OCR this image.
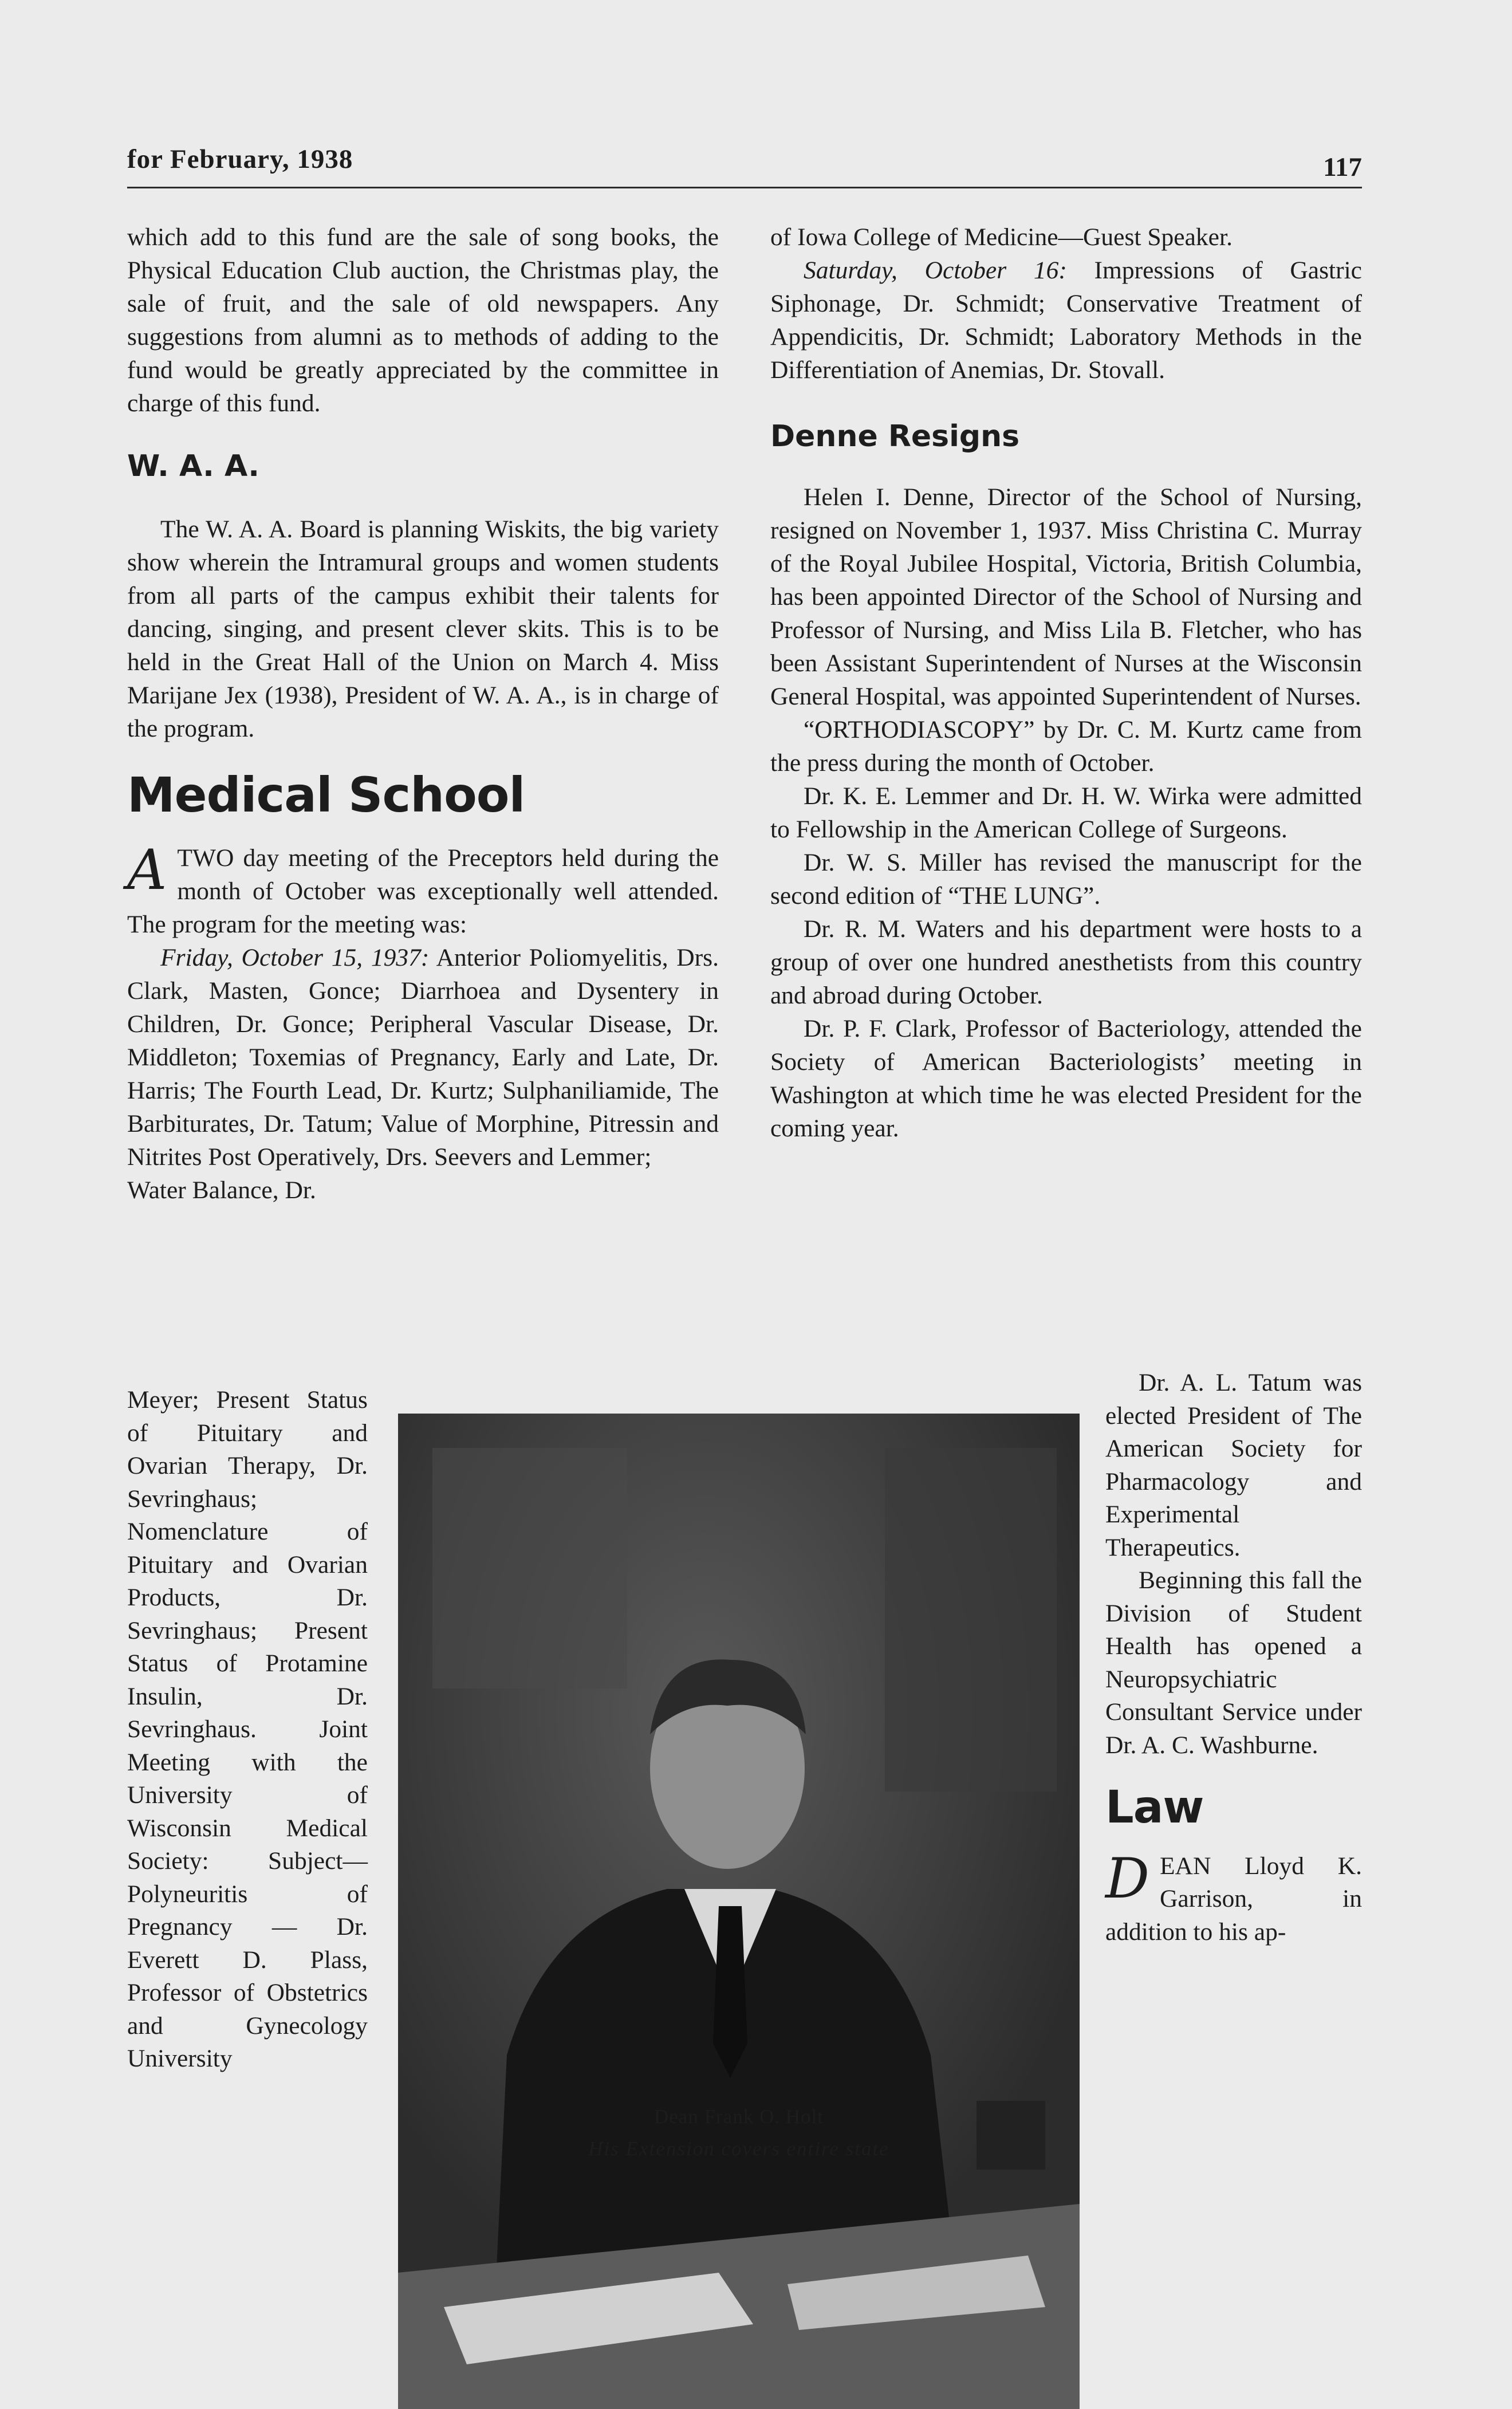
for February, 1938	117

which add to this fund are the sale of song books, the Physical Education Club auction, the Christmas play, the sale of fruit, and the sale of old newspapers. Any suggestions from alumni as to methods of adding to the fund would be greatly appreciated by the committee in charge of this fund.

W. A. A.

The W. A. A. Board is planning Wiskits, the big variety show wherein the Intramural groups and women students from all parts of the campus exhibit their talents for dancing, singing, and present clever skits. This is to be held in the Great Hall of the Union on March 4. Miss Marijane Jex (1938), President of W. A. A., is in charge of the program.

Medical School

ATWO day meeting of the Preceptors held during the month of October was exceptionally well attended. The program for the meeting was:

Friday, October 15, 1937: Anterior Poliomyelitis, Drs. Clark, Masten, Gonce; Diarrhoea and Dysentery in Children, Dr. Gonce; Peripheral Vascular Disease, Dr. Middleton; Toxemias of Pregnancy, Early and Late, Dr. Harris; The Fourth Lead, Dr. Kurtz; Sulphaniliamide, The Barbiturates, Dr. Tatum; Value of Morphine, Pitressin and Nitrites Post Operatively, Drs. Seevers and Lemmer;

Water Balance, Dr.

Meyer; Present Status of Pituitary and Ovarian Therapy, Dr. Sevringhaus; Nomenclature of Pituitary and Ovarian Products, Dr. Sevringhaus; Present Status of Protamine Insulin, Dr. Sevringhaus. Joint Meeting with the University of Wisconsin Medical Society: Subject—Polyneuritis of Pregnancy — Dr. Everett D. Plass, Professor of Obstetrics and Gynecology University

Dean Frank O. Holt
His Extension covers entire state

of Iowa College of Medicine—Guest Speaker.

Saturday, October 16: Impressions of Gastric Siphonage, Dr. Schmidt; Conservative Treatment of Appendicitis, Dr. Schmidt; Laboratory Methods in the Differentiation of Anemias, Dr. Stovall.

Denne Resigns

Helen I. Denne, Director of the School of Nursing, resigned on November 1, 1937. Miss Christina C. Murray of the Royal Jubilee Hospital, Victoria, British Columbia, has been appointed Director of the School of Nursing and Professor of Nursing, and Miss Lila B. Fletcher, who has been Assistant Superintendent of Nurses at the Wisconsin General Hospital, was appointed Superintendent of Nurses.

“ORTHODIASCOPY” by Dr. C. M. Kurtz came from the press during the month of October.

Dr. K. E. Lemmer and Dr. H. W. Wirka were admitted to Fellowship in the American College of Surgeons.

Dr. W. S. Miller has revised the manuscript for the second edition of “THE LUNG”.

Dr. R. M. Waters and his department were hosts to a group of over one hundred anesthetists from this country and abroad during October.

Dr. P. F. Clark, Professor of Bacteriology, attended the Society of American Bacteriologists’ meeting in Washington at which time he was elected President for the coming year.

Dr. A. L. Tatum was elected President of The American Society for Pharmacology and Experimental Therapeutics.

Beginning this fall the Division of Student Health has opened a Neuropsychiatric Consultant Service under Dr. A. C. Washburne.

Law

DEAN Lloyd K. Garrison, in addition to his ap-
